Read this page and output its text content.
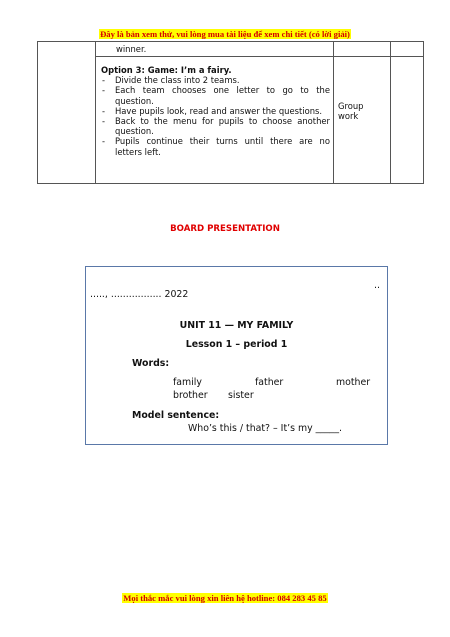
Đây là bản xem thử, vui lòng mua tài liệu để xem chi tiết (có lời giải)
winner.
Option 3: Game: I’m a fairy.
- Divide the class into 2 teams.
- Each team chooses one letter to go to the question.
- Have pupils look, read and answer the questions.
- Back to the menu for pupils to choose another question.
- Pupils continue their turns until there are no letters left.
Group work
BOARD PRESENTATION
..
....., ................. 2022
UNIT 11 — MY FAMILY
Lesson 1 – period 1
Words:
family	father	mother
brother sister
Model sentence:
Who’s this / that? – It’s my _____.
Mọi thắc mắc vui lòng xin liên hệ hotline: 084 283 45 85
